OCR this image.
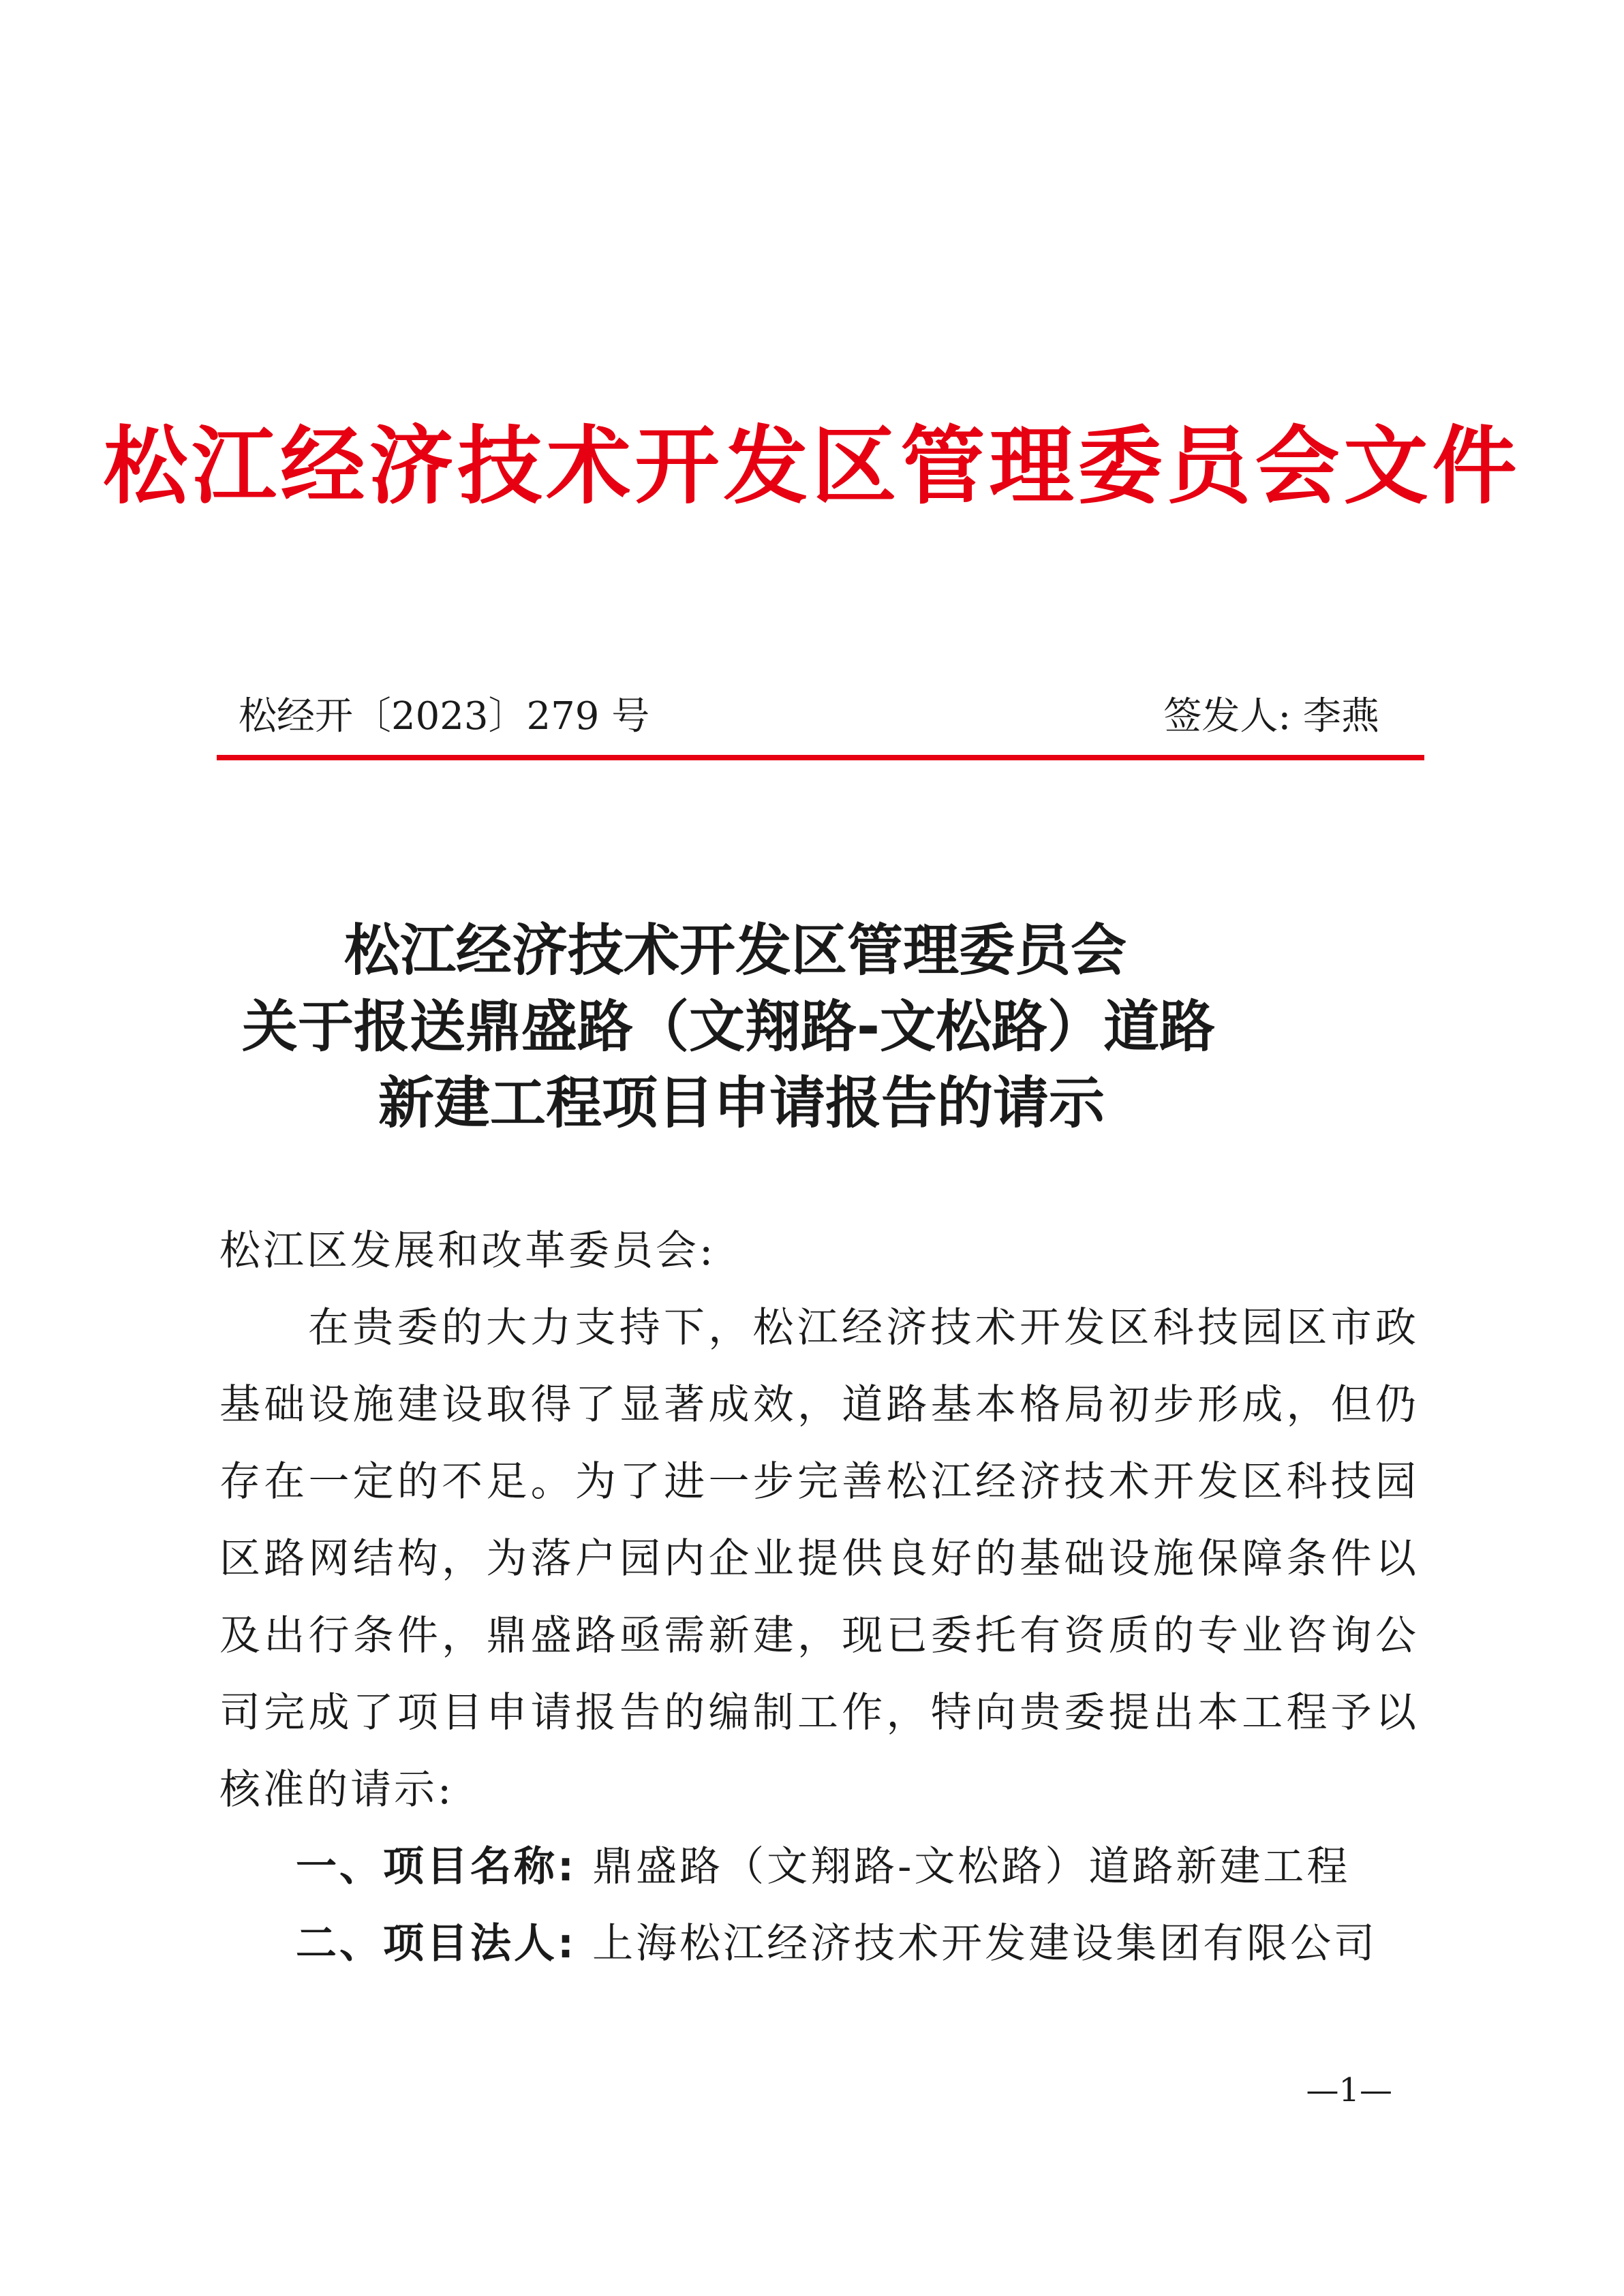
松江经济技术开发区管理委员会文件
松经开〔2023〕279 号	签发人: 李燕
松江经济技术开发区管理委员会
关于报送鼎盛路（文翔路-文松路）道路
新建工程项目申请报告的请示
松江区发展和改革委员会:
在贵委的大力支持下，松江经济技术开发区科技园区市政基础设施建设取得了显著成效，道路基本格局初步形成，但仍存在一定的不足。为了进一步完善松江经济技术开发区科技园区路网结构，为落户园内企业提供良好的基础设施保障条件以及出行条件，鼎盛路亟需新建，现已委托有资质的专业咨询公司完成了项目申请报告的编制工作，特向贵委提出本工程予以核准的请示:
一、项目名称: 鼎盛路（文翔路-文松路）道路新建工程
二、项目法人: 上海松江经济技术开发建设集团有限公司
—1—
